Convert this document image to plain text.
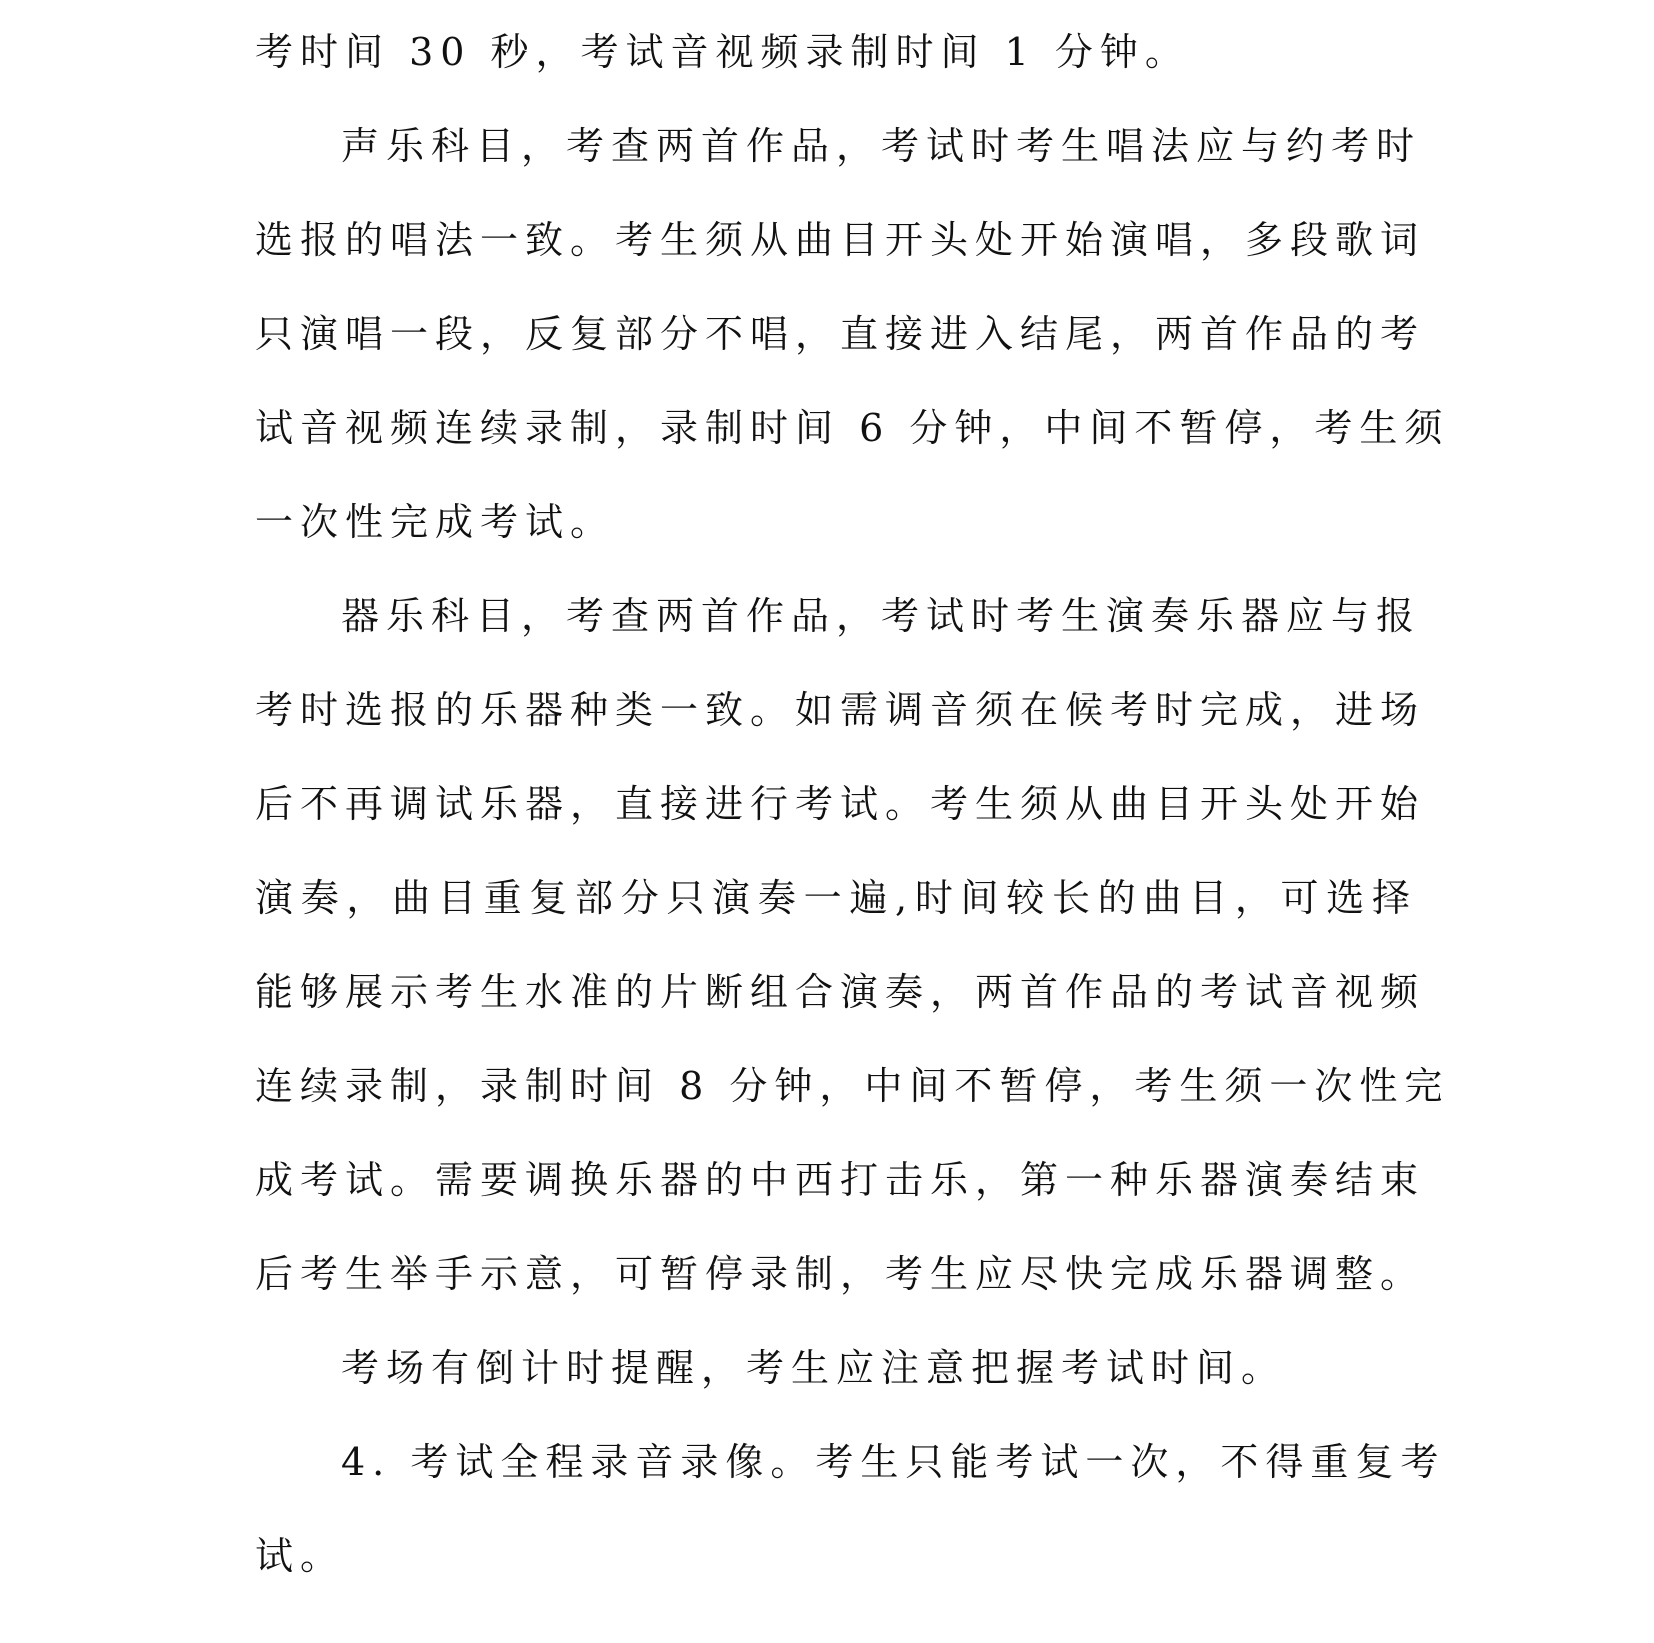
考时间 30 秒，考试音视频录制时间 1 分钟。
声乐科目，考查两首作品，考试时考生唱法应与约考时
选报的唱法一致。考生须从曲目开头处开始演唱，多段歌词
只演唱一段，反复部分不唱，直接进入结尾，两首作品的考
试音视频连续录制，录制时间 6 分钟，中间不暂停，考生须
一次性完成考试。
器乐科目，考查两首作品，考试时考生演奏乐器应与报
考时选报的乐器种类一致。如需调音须在候考时完成，进场
后不再调试乐器，直接进行考试。考生须从曲目开头处开始
演奏，曲目重复部分只演奏一遍,时间较长的曲目，可选择
能够展示考生水准的片断组合演奏，两首作品的考试音视频
连续录制，录制时间 8 分钟，中间不暂停，考生须一次性完
成考试。需要调换乐器的中西打击乐，第一种乐器演奏结束
后考生举手示意，可暂停录制，考生应尽快完成乐器调整。
考场有倒计时提醒，考生应注意把握考试时间。
4. 考试全程录音录像。考生只能考试一次，不得重复考
试。
